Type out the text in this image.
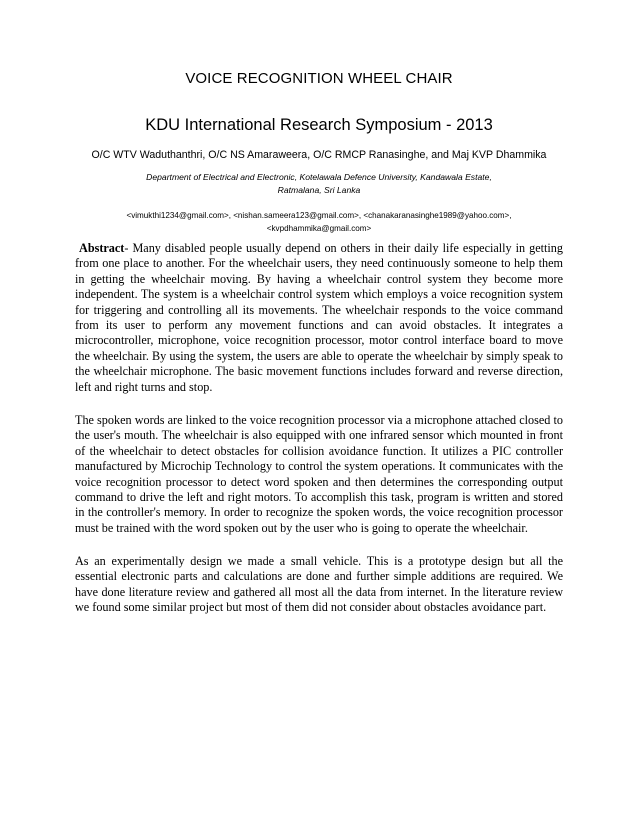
VOICE RECOGNITION WHEEL CHAIR
KDU International Research Symposium - 2013
O/C WTV Waduthanthri, O/C NS Amaraweera, O/C RMCP Ranasinghe, and Maj KVP Dhammika
Department of Electrical and Electronic, Kotelawala Defence University, Kandawala Estate,
Ratmalana, Sri Lanka
<vimukthi1234@gmail.com>, <nishan.sameera123@gmail.com>, <chanakaranasinghe1989@yahoo.com>,
<kvpdhammika@gmail.com>

Abstract- Many disabled people usually depend on others in their daily life especially in getting from one place to another. For the wheelchair users, they need continuously someone to help them in getting the wheelchair moving. By having a wheelchair control system they become more independent. The system is a wheelchair control system which employs a voice recognition system for triggering and controlling all its movements. The wheelchair responds to the voice command from its user to perform any movement functions and can avoid obstacles. It integrates a microcontroller, microphone, voice recognition processor, motor control interface board to move the wheelchair. By using the system, the users are able to operate the wheelchair by simply speak to the wheelchair microphone. The basic movement functions includes forward and reverse direction, left and right turns and stop.

The spoken words are linked to the voice recognition processor via a microphone attached closed to the user's mouth. The wheelchair is also equipped with one infrared sensor which mounted in front of the wheelchair to detect obstacles for collision avoidance function. It utilizes a PIC controller manufactured by Microchip Technology to control the system operations. It communicates with the voice recognition processor to detect word spoken and then determines the corresponding output command to drive the left and right motors. To accomplish this task, program is written and stored in the controller's memory. In order to recognize the spoken words, the voice recognition processor must be trained with the word spoken out by the user who is going to operate the wheelchair.

As an experimentally design we made a small vehicle. This is a prototype design but all the essential electronic parts and calculations are done and further simple additions are required. We have done literature review and gathered all most all the data from internet. In the literature review we found some similar project but most of them did not consider about obstacles avoidance part.
